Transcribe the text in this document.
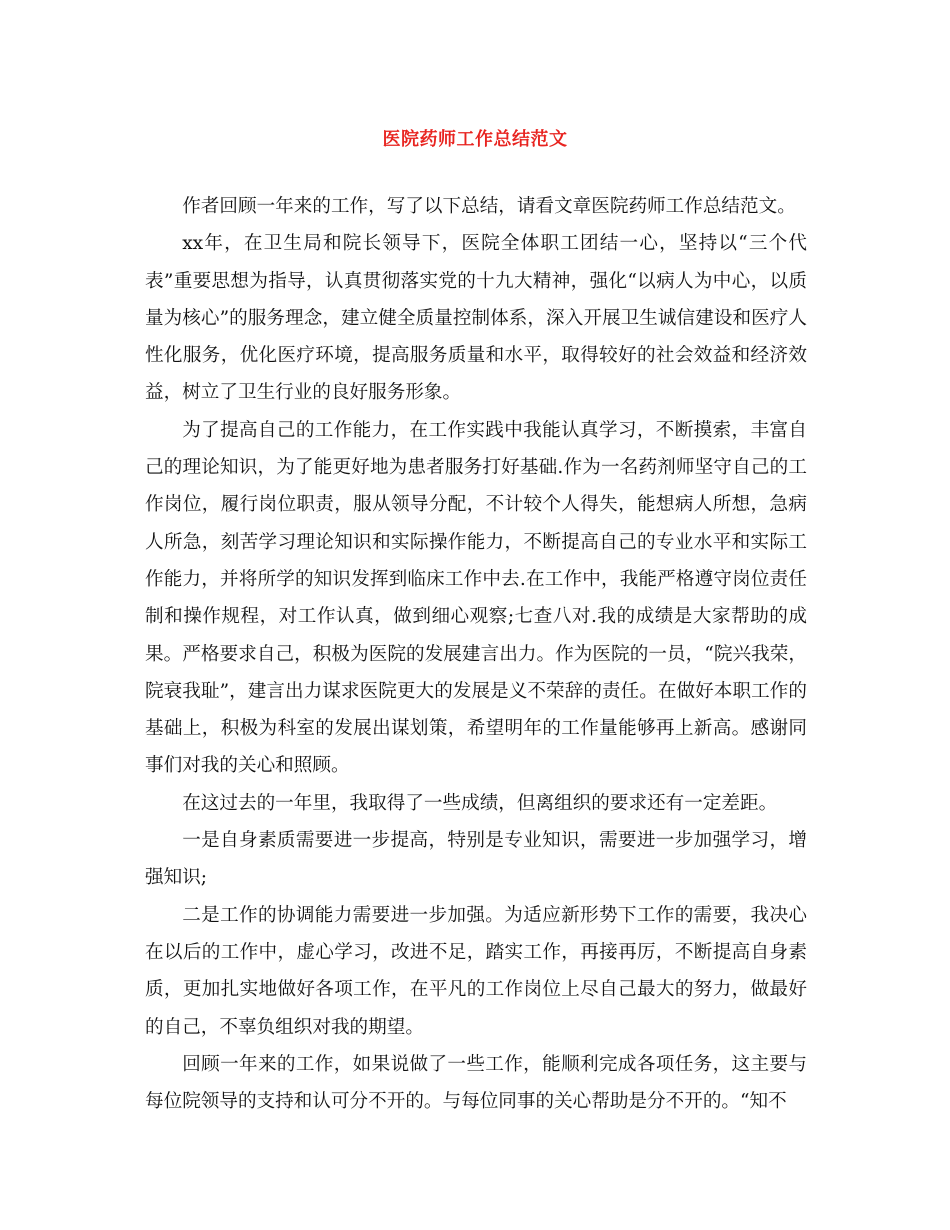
医院药师工作总结范文

作者回顾一年来的工作，写了以下总结，请看文章医院药师工作总结范文。

xx年，在卫生局和院长领导下，医院全体职工团结一心，坚持以“三个代表”重要思想为指导，认真贯彻落实党的十九大精神，强化“以病人为中心，以质量为核心”的服务理念，建立健全质量控制体系，深入开展卫生诚信建设和医疗人性化服务，优化医疗环境，提高服务质量和水平，取得较好的社会效益和经济效益，树立了卫生行业的良好服务形象。

为了提高自己的工作能力，在工作实践中我能认真学习，不断摸索，丰富自己的理论知识，为了能更好地为患者服务打好基础.作为一名药剂师坚守自己的工作岗位，履行岗位职责，服从领导分配，不计较个人得失，能想病人所想，急病人所急，刻苦学习理论知识和实际操作能力，不断提高自己的专业水平和实际工作能力，并将所学的知识发挥到临床工作中去.在工作中，我能严格遵守岗位责任制和操作规程，对工作认真，做到细心观察;七查八对.我的成绩是大家帮助的成果。严格要求自己，积极为医院的发展建言出力。作为医院的一员，“院兴我荣，院衰我耻”，建言出力谋求医院更大的发展是义不荣辞的责任。在做好本职工作的基础上，积极为科室的发展出谋划策，希望明年的工作量能够再上新高。感谢同事们对我的关心和照顾。

在这过去的一年里，我取得了一些成绩，但离组织的要求还有一定差距。

一是自身素质需要进一步提高，特别是专业知识，需要进一步加强学习，增强知识;

二是工作的协调能力需要进一步加强。为适应新形势下工作的需要，我决心在以后的工作中，虚心学习，改进不足，踏实工作，再接再厉，不断提高自身素质，更加扎实地做好各项工作，在平凡的工作岗位上尽自己最大的努力，做最好的自己，不辜负组织对我的期望。

回顾一年来的工作，如果说做了一些工作，能顺利完成各项任务，这主要与每位院领导的支持和认可分不开的。与每位同事的关心帮助是分不开的。“知不
